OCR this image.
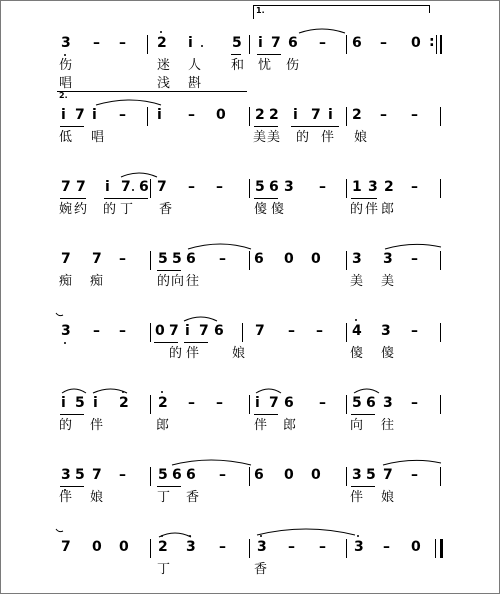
1.
3 – – 2 i	5 i 7 6 – 6 – 0 :
伤	迷 人 和 忧 伤
唱	浅 斟
2.
i 7 i – i – 0 2 2 i 7 i 2 – –
低 唱	美 美 的 伴 娘
7 7 i 7 6 7 – – 5 6 3 – 1 3 2 –
婉 约 的 丁 香	傻 傻	的 伴 郎
7 7 – 5 5 6 – 6 0 0 3 3 –
痴 痴	的 向 往	美 美
3 – – 0 7 i 7 6 7 – – 4 3 –
的 伴	娘	傻 傻
i 5 i 2 2 – – i 7 6 – 5 6 3 –
的 伴	郎	伴 郎	向 往
3 5 7 – 5 6 6 – 6 0 0 3 5 7 –
伴 娘	丁 香	伴 娘
7 0 0 2 3 – 3 – – 3 – 0
丁	香
